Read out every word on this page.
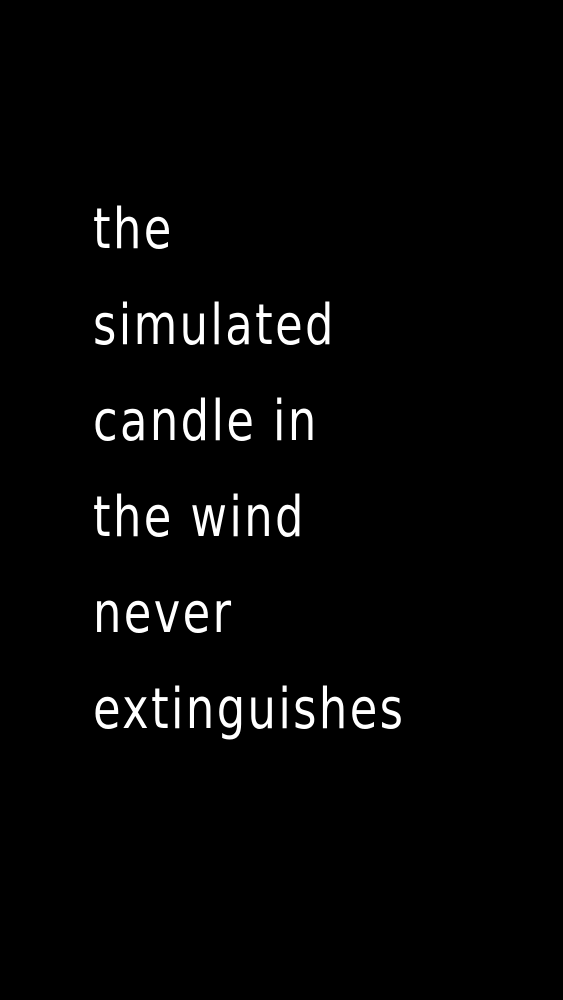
the
simulated
candle in
the wind
never
extinguishes
